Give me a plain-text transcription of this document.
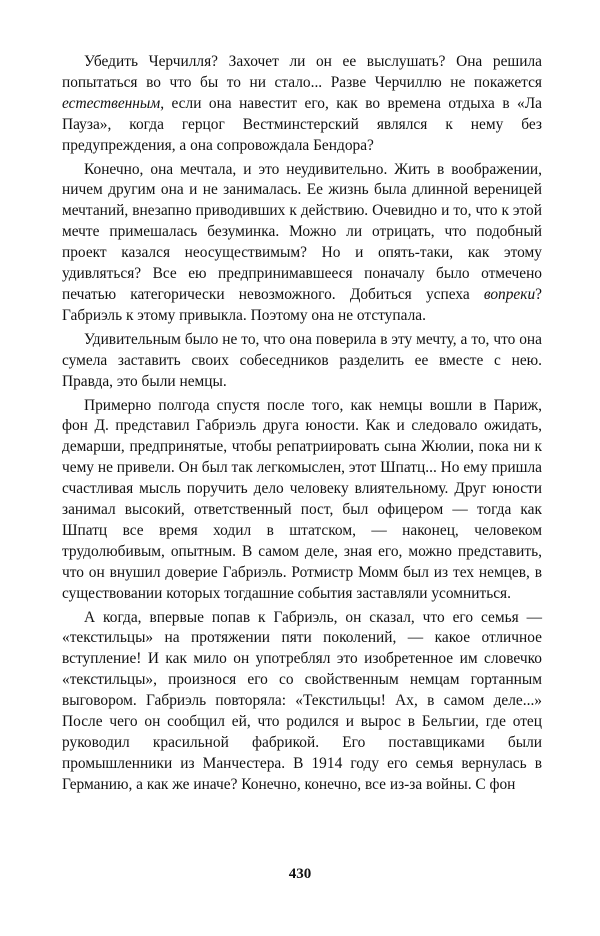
Убедить Черчилля? Захочет ли он ее выслушать? Она решила попытаться во что бы то ни стало... Разве Черчиллю не покажется естественным, если она навестит его, как во времена отдыха в «Ла Пауза», когда герцог Вестминстерский являлся к нему без предупреждения, а она сопровождала Бендора?

Конечно, она мечтала, и это неудивительно. Жить в воображении, ничем другим она и не занималась. Ее жизнь была длинной вереницей мечтаний, внезапно приводивших к действию. Очевидно и то, что к этой мечте примешалась безуминка. Можно ли отрицать, что подобный проект казался неосуществимым? Но и опять-таки, как этому удивляться? Все ею предпринимавшееся поначалу было отмечено печатью категорически невозможного. Добиться успеха вопреки? Габриэль к этому привыкла. Поэтому она не отступала.

Удивительным было не то, что она поверила в эту мечту, а то, что она сумела заставить своих собеседников разделить ее вместе с нею. Правда, это были немцы.

Примерно полгода спустя после того, как немцы вошли в Париж, фон Д. представил Габриэль друга юности. Как и следовало ожидать, демарши, предпринятые, чтобы репатриировать сына Жюлии, пока ни к чему не привели. Он был так легкомыслен, этот Шпатц... Но ему пришла счастливая мысль поручить дело человеку влиятельному. Друг юности занимал высокий, ответственный пост, был офицером — тогда как Шпатц все время ходил в штатском, — наконец, человеком трудолюбивым, опытным. В самом деле, зная его, можно представить, что он внушил доверие Габриэль. Ротмистр Момм был из тех немцев, в существовании которых тогдашние события заставляли усомниться.

А когда, впервые попав к Габриэль, он сказал, что его семья — «текстильцы» на протяжении пяти поколений, — какое отличное вступление! И как мило он употреблял это изобретенное им словечко «текстильцы», произнося его со свойственным немцам гортанным выговором. Габриэль повторяла: «Текстильцы! Ах, в самом деле...» После чего он сообщил ей, что родился и вырос в Бельгии, где отец руководил красильной фабрикой. Его поставщиками были промышленники из Манчестера. В 1914 году его семья вернулась в Германию, а как же иначе? Конечно, конечно, все из-за войны. С фон

430
